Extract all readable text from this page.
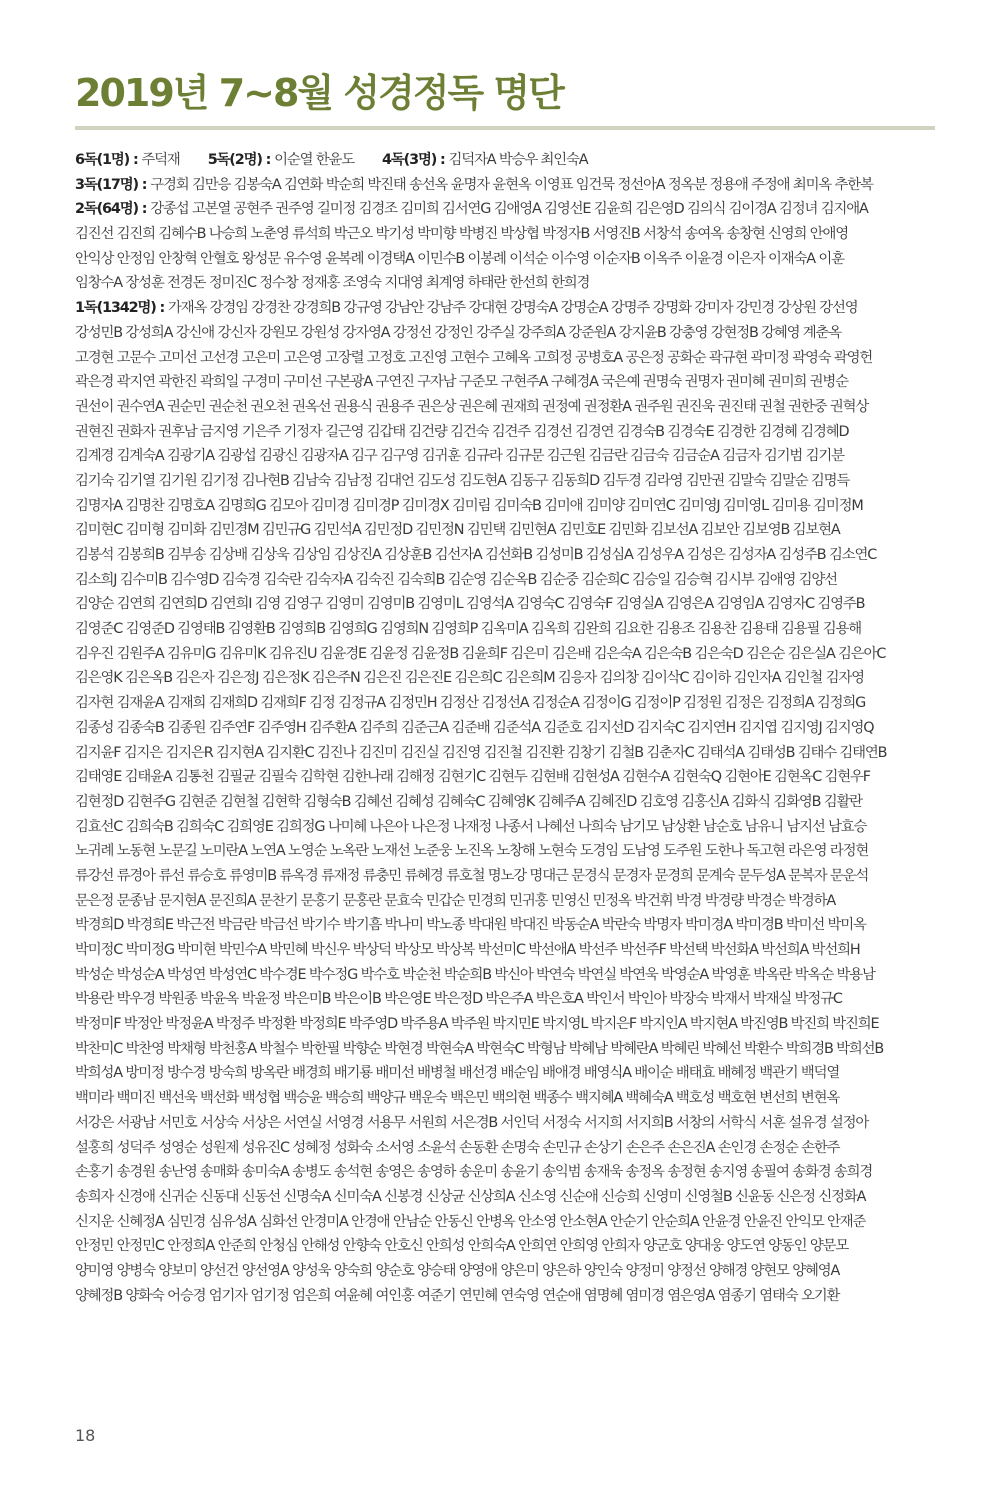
2019년 7~8월 성경정독 명단
6독(1명) : 주덕재 5독(2명) : 이순열 한윤도 4독(3명) : 김덕자A 박승우 최인숙A
3독(17명) : 구경회 김만응 김봉숙A 김연화 박순희 박진태 송선옥 윤명자 윤현옥 이영표 임건묵 정선아A 정옥분 정용애 주정애 최미옥 추한복
2독(64명) : 강종섭 고본열 공현주 권주영 길미정 김경조 김미희 김서연G 김애영A 김영선E 김윤희 김은영D 김의식 김이경A 김정녀 김지애A
김진선 김진희 김혜수B 나승희 노춘영 류석희 박근오 박기성 박미향 박병진 박상협 박정자B 서영진B 서창석 송여옥 송창현 신영희 안애영
안익상 안정임 안창혁 안혈호 왕성문 유수영 윤복례 이경택A 이민수B 이봉례 이석순 이수영 이순자B 이옥주 이윤경 이은자 이재숙A 이훈
임창수A 장성훈 전경돈 정미진C 정수창 정재홍 조영숙 지대영 최계영 하태란 한선희 한희경
1독(1342명) : 가재옥 강경임 강경찬 강경희B 강규영 강남안 강남주 강대현 강명숙A 강명순A 강명주 강명화 강미자 강민경 강상원 강선영
강성민B 강성희A 강신애 강신자 강원모 강원성 강자영A 강정선 강정인 강주실 강주희A 강준원A 강지윤B 강충영 강현정B 강혜영 계춘옥
고경현 고문수 고미선 고선경 고은미 고은영 고장렬 고정호 고진영 고현수 고혜옥 고희정 공병호A 공은정 공화순 곽규현 곽미정 곽영숙 곽영헌
곽은경 곽지연 곽한진 곽희일 구경미 구미선 구본광A 구연진 구자남 구준모 구현주A 구혜경A 국은예 권명숙 권명자 권미혜 권미희 권병순
권선이 권수연A 권순민 권순천 권오천 권옥선 권용식 권용주 권은상 권은혜 권재희 권정예 권정환A 권주원 권진욱 권진태 권철 권한중 권혁상
권현진 권화자 권후남 금지영 기은주 기정자 길근영 김갑태 김건량 김건숙 김견주 김경선 김경연 김경숙B 김경숙E 김경한 김경혜 김경혜D
김계경 김계숙A 김광기A 김광섭 김광신 김광자A 김구 김구영 김귀훈 김규라 김규문 김근원 김금란 김금숙 김금순A 김금자 김기범 김기분
김기숙 김기열 김기원 김기정 김나현B 김남숙 김남정 김대언 김도성 김도현A 김동구 김동희D 김두경 김라영 김만권 김말숙 김말순 김명득
김명자A 김명찬 김명호A 김명희G 김모아 김미경 김미경P 김미경X 김미림 김미숙B 김미애 김미양 김미연C 김미영J 김미영L 김미용 김미정M
김미현C 김미형 김미화 김민경M 김민규G 김민석A 김민정D 김민정N 김민택 김민현A 김민호E 김민화 김보선A 김보안 김보영B 김보현A
김봉석 김봉희B 김부송 김상배 김상욱 김상임 김상진A 김상훈B 김선자A 김선화B 김성미B 김성심A 김성우A 김성은 김성자A 김성주B 김소연C
김소희J 김수미B 김수영D 김숙경 김숙란 김숙자A 김숙진 김숙희B 김순영 김순옥B 김순중 김순희C 김승일 김승혁 김시부 김애영 김양선
김양순 김연희 김연희D 김연희I 김영 김영구 김영미 김영미B 김영미L 김영석A 김영숙C 김영숙F 김영실A 김영은A 김영임A 김영자C 김영주B
김영준C 김영준D 김영태B 김영환B 김영희B 김영희G 김영희N 김영희P 김옥미A 김옥희 김완희 김요한 김용조 김용찬 김용태 김용필 김용해
김우진 김원주A 김유미G 김유미K 김유진U 김윤경E 김윤정 김윤정B 김윤희F 김은미 김은배 김은숙A 김은숙B 김은숙D 김은순 김은실A 김은아C
김은영K 김은옥B 김은자 김은정J 김은정K 김은주N 김은진 김은진E 김은희C 김은희M 김응자 김의창 김이삭C 김이하 김인자A 김인철 김자영
김자현 김재윤A 김재희 김재희D 김재희F 김정 김정규A 김정민H 김정산 김정선A 김정순A 김정이G 김정이P 김정원 김정은 김정희A 김정희G
김종성 김종숙B 김종원 김주연F 김주영H 김주환A 김주희 김준근A 김준배 김준석A 김준호 김지선D 김지숙C 김지연H 김지엽 김지영J 김지영Q
김지윤F 김지은 김지은R 김지현A 김지환C 김진나 김진미 김진실 김진영 김진철 김진환 김창기 김철B 김춘자C 김태석A 김태성B 김태수 김태연B
김태영E 김태윤A 김통천 김필균 김필숙 김학현 김한나래 김해정 김현기C 김현두 김현배 김현성A 김현수A 김현숙Q 김현아E 김현옥C 김현우F
김현정D 김현주G 김현준 김현철 김현학 김형숙B 김혜선 김혜성 김혜숙C 김혜영K 김혜주A 김혜진D 김호영 김홍신A 김화식 김화영B 김활란
김효선C 김희숙B 김희숙C 김희영E 김희정G 나미혜 나은아 나은정 나재정 나종서 나혜선 나희숙 남기모 남상환 남순호 남유니 남지선 남효승
노귀례 노동현 노문길 노미란A 노연A 노영순 노옥란 노재선 노준웅 노진옥 노창해 노현숙 도경임 도남영 도주원 도한나 독고현 라은영 라정현
류강선 류경아 류선 류승호 류영미B 류옥경 류재정 류충민 류혜경 류호철 명노강 명대근 문경식 문경자 문경희 문계숙 문두성A 문복자 문운석
문은정 문종남 문지현A 문진희A 문찬기 문홍기 문홍란 문효숙 민갑순 민경희 민귀홍 민영신 민정옥 박건휘 박경 박경량 박경순 박경하A
박경희D 박경희E 박근전 박금란 박금선 박기수 박기흠 박나미 박노종 박대원 박대진 박동순A 박란숙 박명자 박미경A 박미경B 박미선 박미옥
박미정C 박미정G 박미현 박민수A 박민혜 박신우 박상덕 박상모 박상복 박선미C 박선애A 박선주 박선주F 박선택 박선화A 박선희A 박선희H
박성순 박성순A 박성연 박성연C 박수경E 박수정G 박수호 박순천 박순희B 박신아 박연숙 박연실 박연욱 박영순A 박영훈 박옥란 박옥순 박용남
박용란 박우경 박원종 박윤옥 박윤정 박은미B 박은이B 박은영E 박은정D 박은주A 박은호A 박인서 박인아 박장숙 박재서 박재실 박정규C
박정미F 박정안 박정윤A 박정주 박정환 박정희E 박주영D 박주용A 박주원 박지민E 박지영L 박지은F 박지인A 박지현A 박진영B 박진희 박진희E
박찬미C 박찬영 박채형 박천홍A 박철수 박한필 박향순 박현경 박현숙A 박현숙C 박형남 박혜남 박혜란A 박혜린 박혜선 박환수 박희경B 박희선B
박희성A 방미정 방수경 방숙희 방옥란 배경희 배기룡 배미선 배병철 배선경 배순임 배애경 배영식A 배이순 배태효 배혜정 백관기 백덕열
백미라 백미진 백선욱 백선화 백성협 백승윤 백승희 백양규 백운숙 백은민 백의현 백종수 백지혜A 백혜숙A 백호성 백호현 변선희 변현옥
서강은 서광남 서민호 서상숙 서상은 서연실 서영경 서용무 서원희 서은경B 서인덕 서정숙 서지희 서지희B 서창의 서학식 서훈 설유경 설정아
설홍희 성덕주 성영순 성원제 성유진C 성혜정 성화숙 소서영 소윤석 손동환 손명숙 손민규 손상기 손은주 손은진A 손인경 손정순 손한주
손홍기 송경원 송난영 송매화 송미숙A 송병도 송석현 송영은 송영하 송운미 송윤기 송익범 송재욱 송정옥 송정현 송지영 송필여 송화경 송희경
송희자 신경애 신귀순 신동대 신동선 신명숙A 신미숙A 신봉경 신상균 신상희A 신소영 신순애 신승희 신영미 신영철B 신윤동 신은정 신정화A
신지운 신혜정A 심민경 심유성A 심화선 안경미A 안경애 안남순 안동신 안병옥 안소영 안소현A 안순기 안순희A 안윤경 안윤진 안익모 안재준
안정민 안정민C 안정희A 안준희 안청심 안해성 안향숙 안호신 안희성 안희숙A 안희연 안희영 안희자 양군호 양대웅 양도연 양동인 양문모
양미영 양병숙 양보미 양선건 양선영A 양성욱 양숙희 양순호 양승태 양영애 양은미 양은하 양인숙 양정미 양정선 양해경 양현모 양혜영A
양혜정B 양화숙 어승경 엄기자 엄기정 엄은희 여윤혜 여인홍 여준기 연민혜 연숙영 연순애 염명혜 염미경 염은영A 염종기 염태숙 오기환
18
